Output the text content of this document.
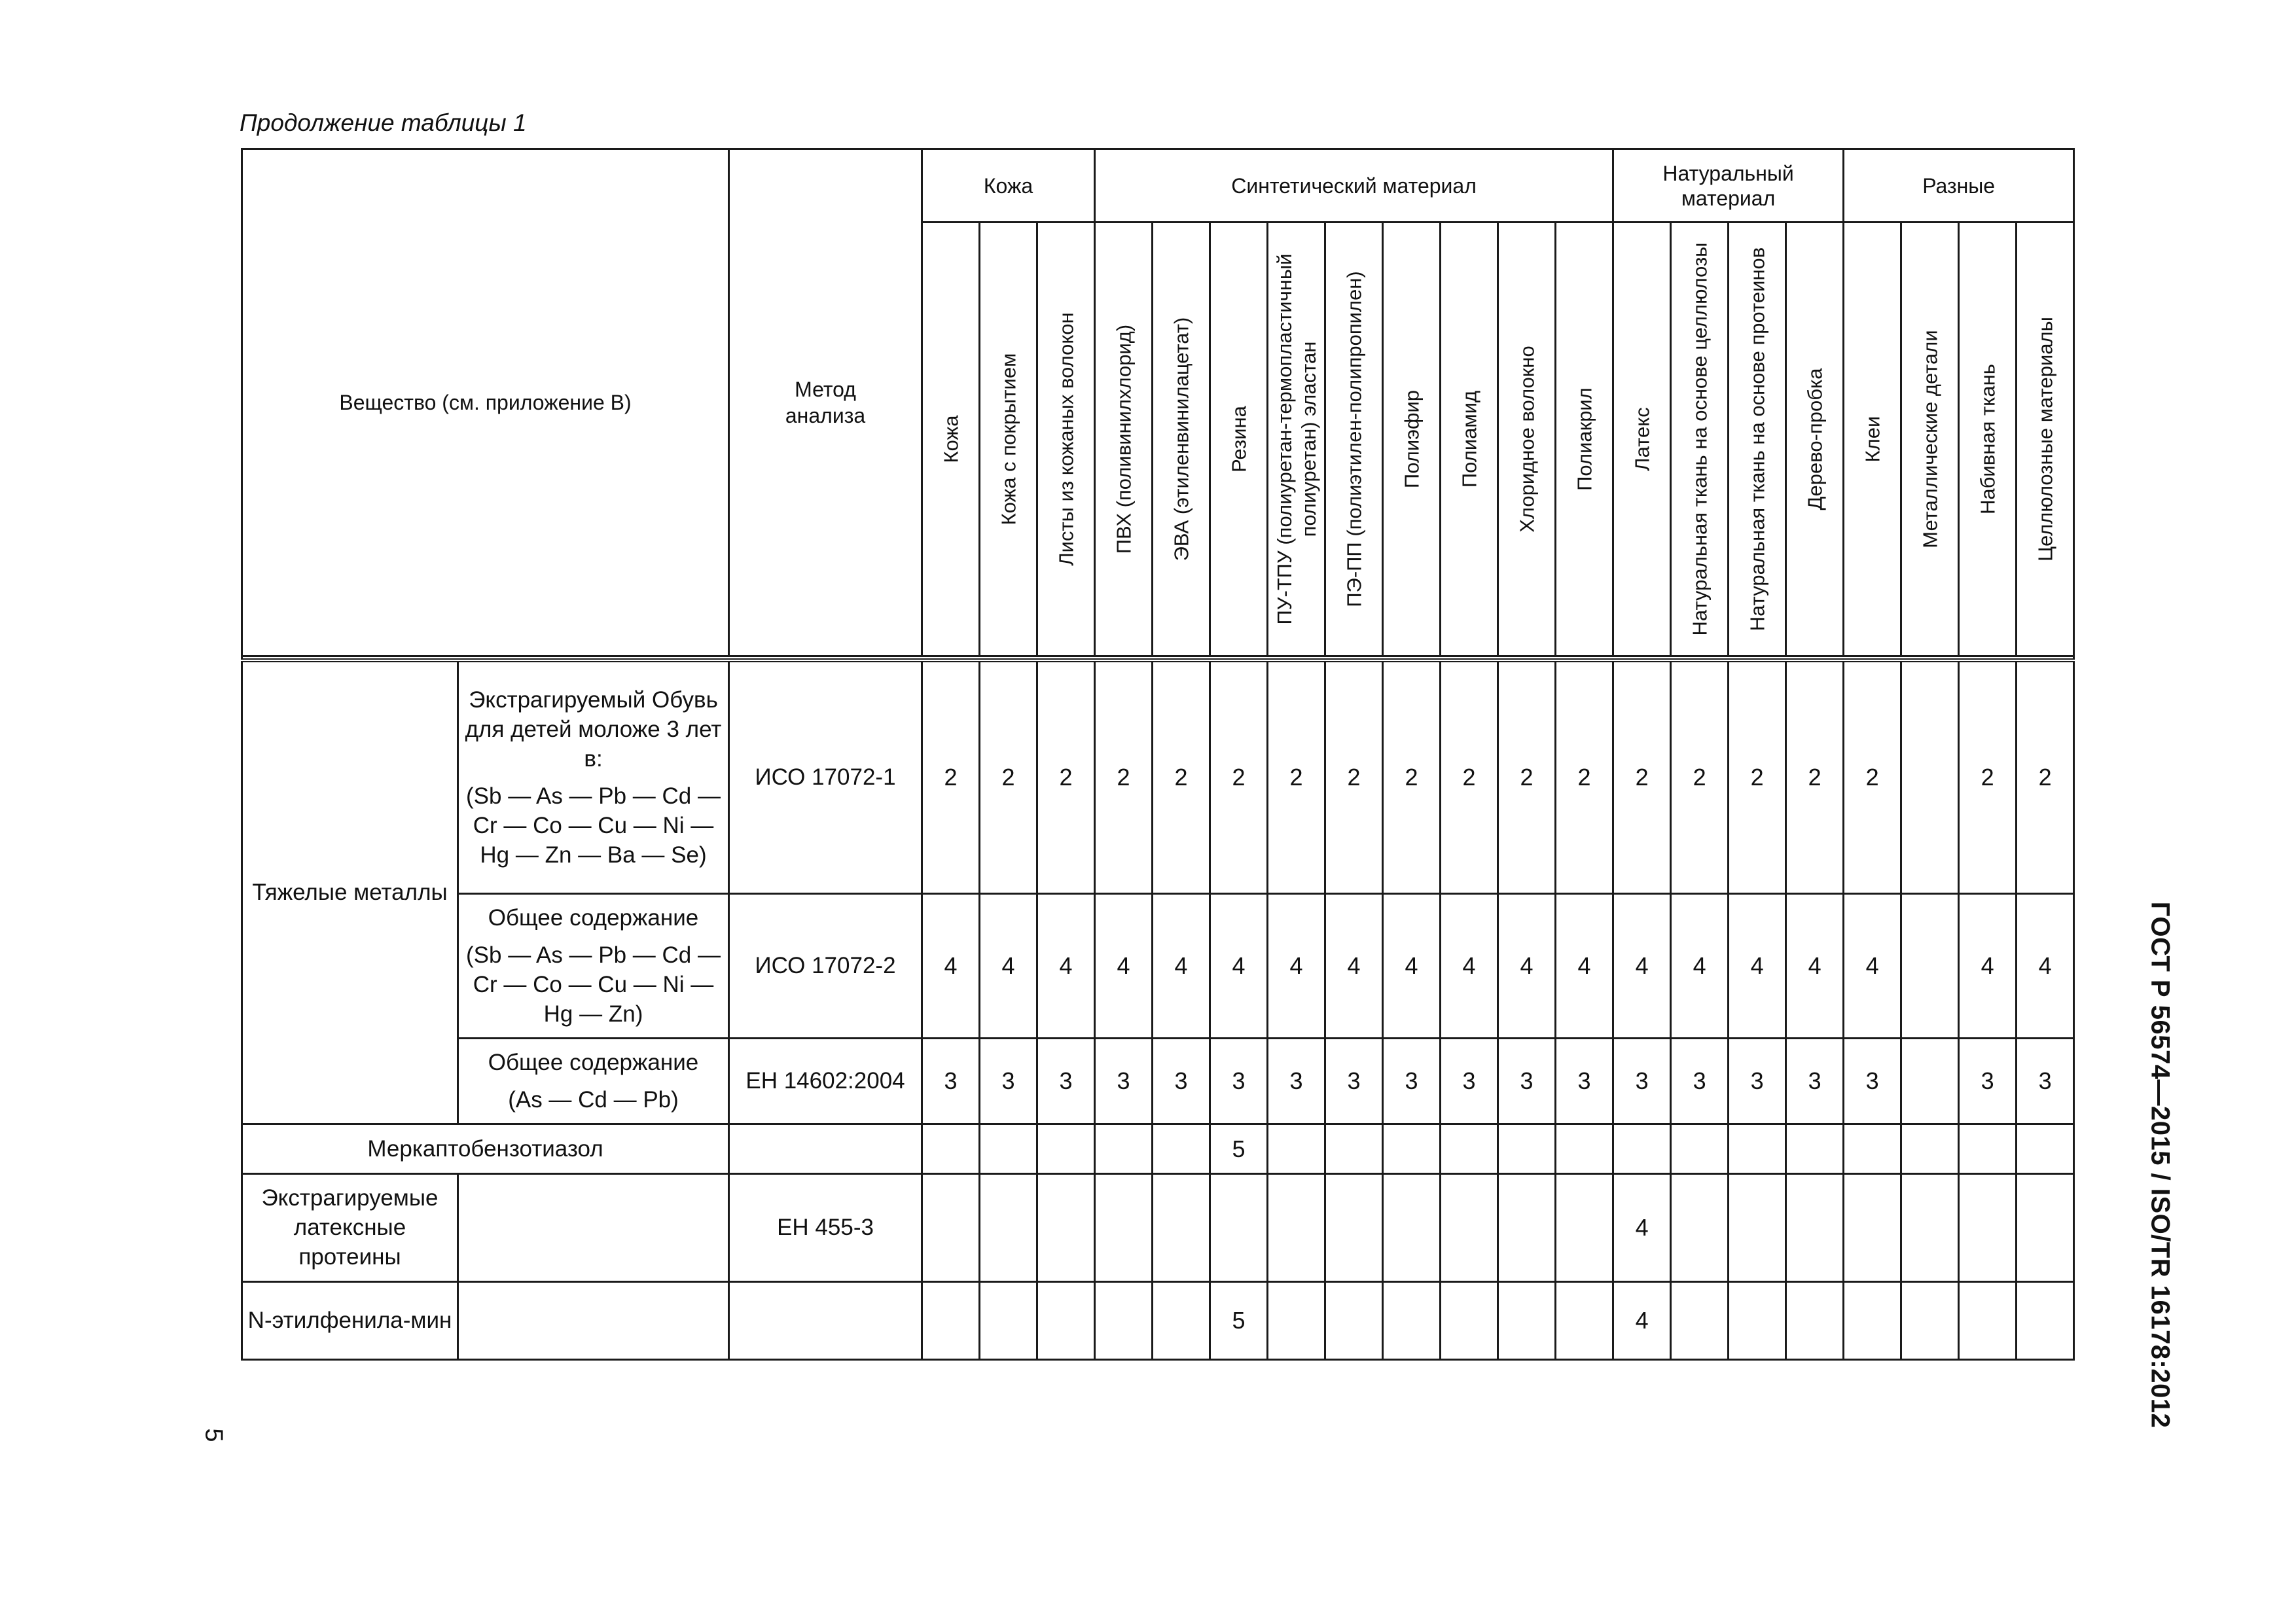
Продолжение таблицы 1
ГОСТ Р 56574—2015 / ISO/TR 16178:2012
5
Вещество (см. приложение В)		Метод анализа	Кожа			Синтетический материал									Натуральный материал				Разные			

			Кожа	Кожа с покрытием	Листы из кожаных волокон	ПВХ (поливинилхлорид)	ЭВА (этиленвинилацетат)	Резина	ПУ-ТПУ (полиуретан-термопластичный полиуретан) эластан	ПЭ-ПП (полиэтилен-полипропилен)	Полиэфир	Полиамид	Хлоридное волокно	Полиакрил	Латекс	Натуральная ткань на основе целлюлозы	Натуральная ткань на основе протеинов	Дерево-пробка	Клеи	Металлические детали	Набивная ткань	Целлюлозные материалы

Тяжелые металлы	Экстрагируемый Обувь для детей моложе 3 лет в:
(Sb — As — Pb — Cd — Cr — Co — Cu — Ni — Hg — Zn — Ba — Se)	ИСО 17072-1	2	2	2	2	2	2	2	2	2	2	2	2	2	2	2	2	2		2	2
	Общее содержание
(Sb — As — Pb — Cd — Cr — Co — Cu — Ni — Hg — Zn)	ИСО 17072-2	4	4	4	4	4	4	4	4	4	4	4	4	4	4	4	4	4		4	4
	Общее содержание
(As — Cd — Pb)	ЕН 14602:2004	3	3	3	3	3	3	3	3	3	3	3	3	3	3	3	3	3		3	3
Меркаптобензотиазол								5														
Экстрагируемые латексные протеины		ЕН 455-3													4							
N-этилфенила-мин								5							4							
